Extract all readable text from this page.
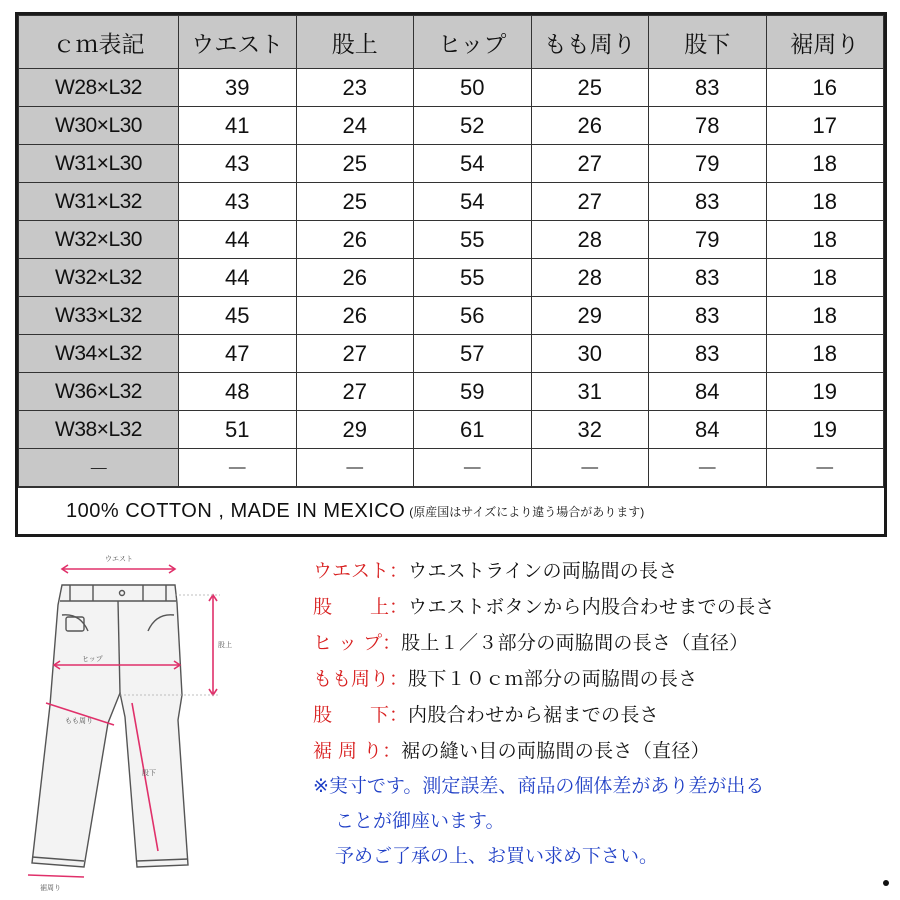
ｃｍ表記	ウエスト	股上	ヒップ	もも周り	股下	裾周り
W28×L32	39	23	50	25	83	16
W30×L30	41	24	52	26	78	17
W31×L30	43	25	54	27	79	18
W31×L32	43	25	54	27	83	18
W32×L30	44	26	55	28	79	18
W32×L32	44	26	55	28	83	18
W33×L32	45	26	56	29	83	18
W34×L32	47	27	57	30	83	18
W36×L32	48	27	59	31	84	19
W38×L32	51	29	61	32	84	19
－	－	－	－	－	－	－
100% COTTON , MADE IN MEXICO (原産国はサイズにより違う場合があります)
ウエスト
股上
ヒップ
もも周り
股下
裾周り
ウエスト ： ウエストラインの両脇間の長さ
股　　上 ： ウエストボタンから内股合わせまでの長さ
ヒ ッ プ ： 股上１／３部分の両脇間の長さ（直径）
もも周り ： 股下１０ｃｍ部分の両脇間の長さ
股　　下 ： 内股合わせから裾までの長さ
裾 周 り ： 裾の縫い目の両脇間の長さ（直径）
※実寸です。測定誤差、商品の個体差があり差が出る
ことが御座います。
予めご了承の上、お買い求め下さい。
